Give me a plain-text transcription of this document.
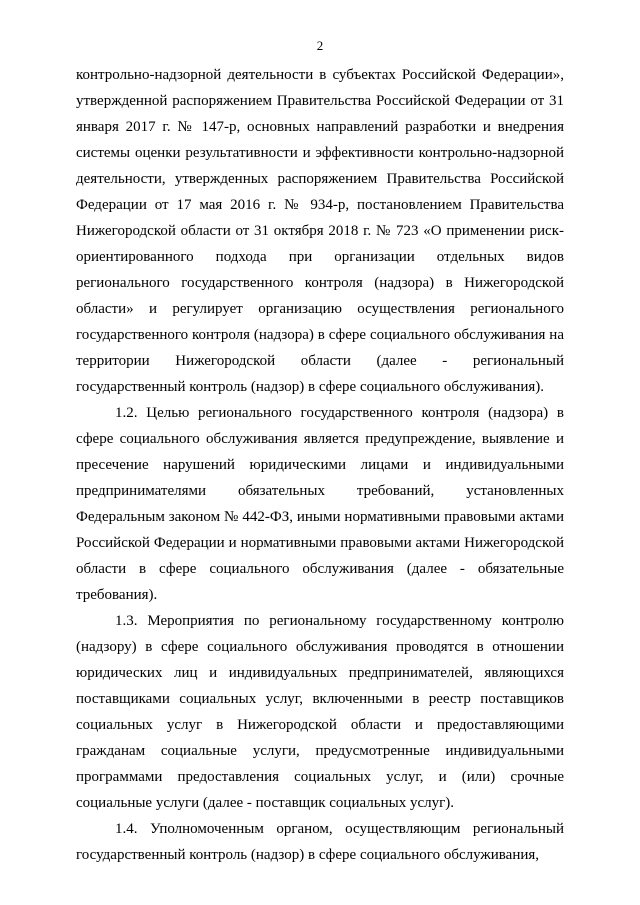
2

контрольно-надзорной деятельности в субъектах Российской Федерации», утвержденной распоряжением Правительства Российской Федерации от 31 января 2017 г. № 147-р, основных направлений разработки и внедрения системы оценки результативности и эффективности контрольно-надзорной деятельности, утвержденных распоряжением Правительства Российской Федерации от 17 мая 2016 г. № 934-р, постановлением Правительства Нижегородской области от 31 октября 2018 г. № 723 «О применении риск-ориентированного подхода при организации отдельных видов регионального государственного контроля (надзора) в Нижегородской области» и регулирует организацию осуществления регионального государственного контроля (надзора) в сфере социального обслуживания на территории Нижегородской области (далее - региональный государственный контроль (надзор) в сфере социального обслуживания).

1.2. Целью регионального государственного контроля (надзора) в сфере социального обслуживания является предупреждение, выявление и пресечение нарушений юридическими лицами и индивидуальными предпринимателями обязательных требований, установленных Федеральным законом № 442-ФЗ, иными нормативными правовыми актами Российской Федерации и нормативными правовыми актами Нижегородской области в сфере социального обслуживания (далее - обязательные требования).

1.3. Мероприятия по региональному государственному контролю (надзору) в сфере социального обслуживания проводятся в отношении юридических лиц и индивидуальных предпринимателей, являющихся поставщиками социальных услуг, включенными в реестр поставщиков социальных услуг в Нижегородской области и предоставляющими гражданам социальные услуги, предусмотренные индивидуальными программами предоставления социальных услуг, и (или) срочные социальные услуги (далее - поставщик социальных услуг).

1.4. Уполномоченным органом, осуществляющим региональный государственный контроль (надзор) в сфере социального обслуживания,
